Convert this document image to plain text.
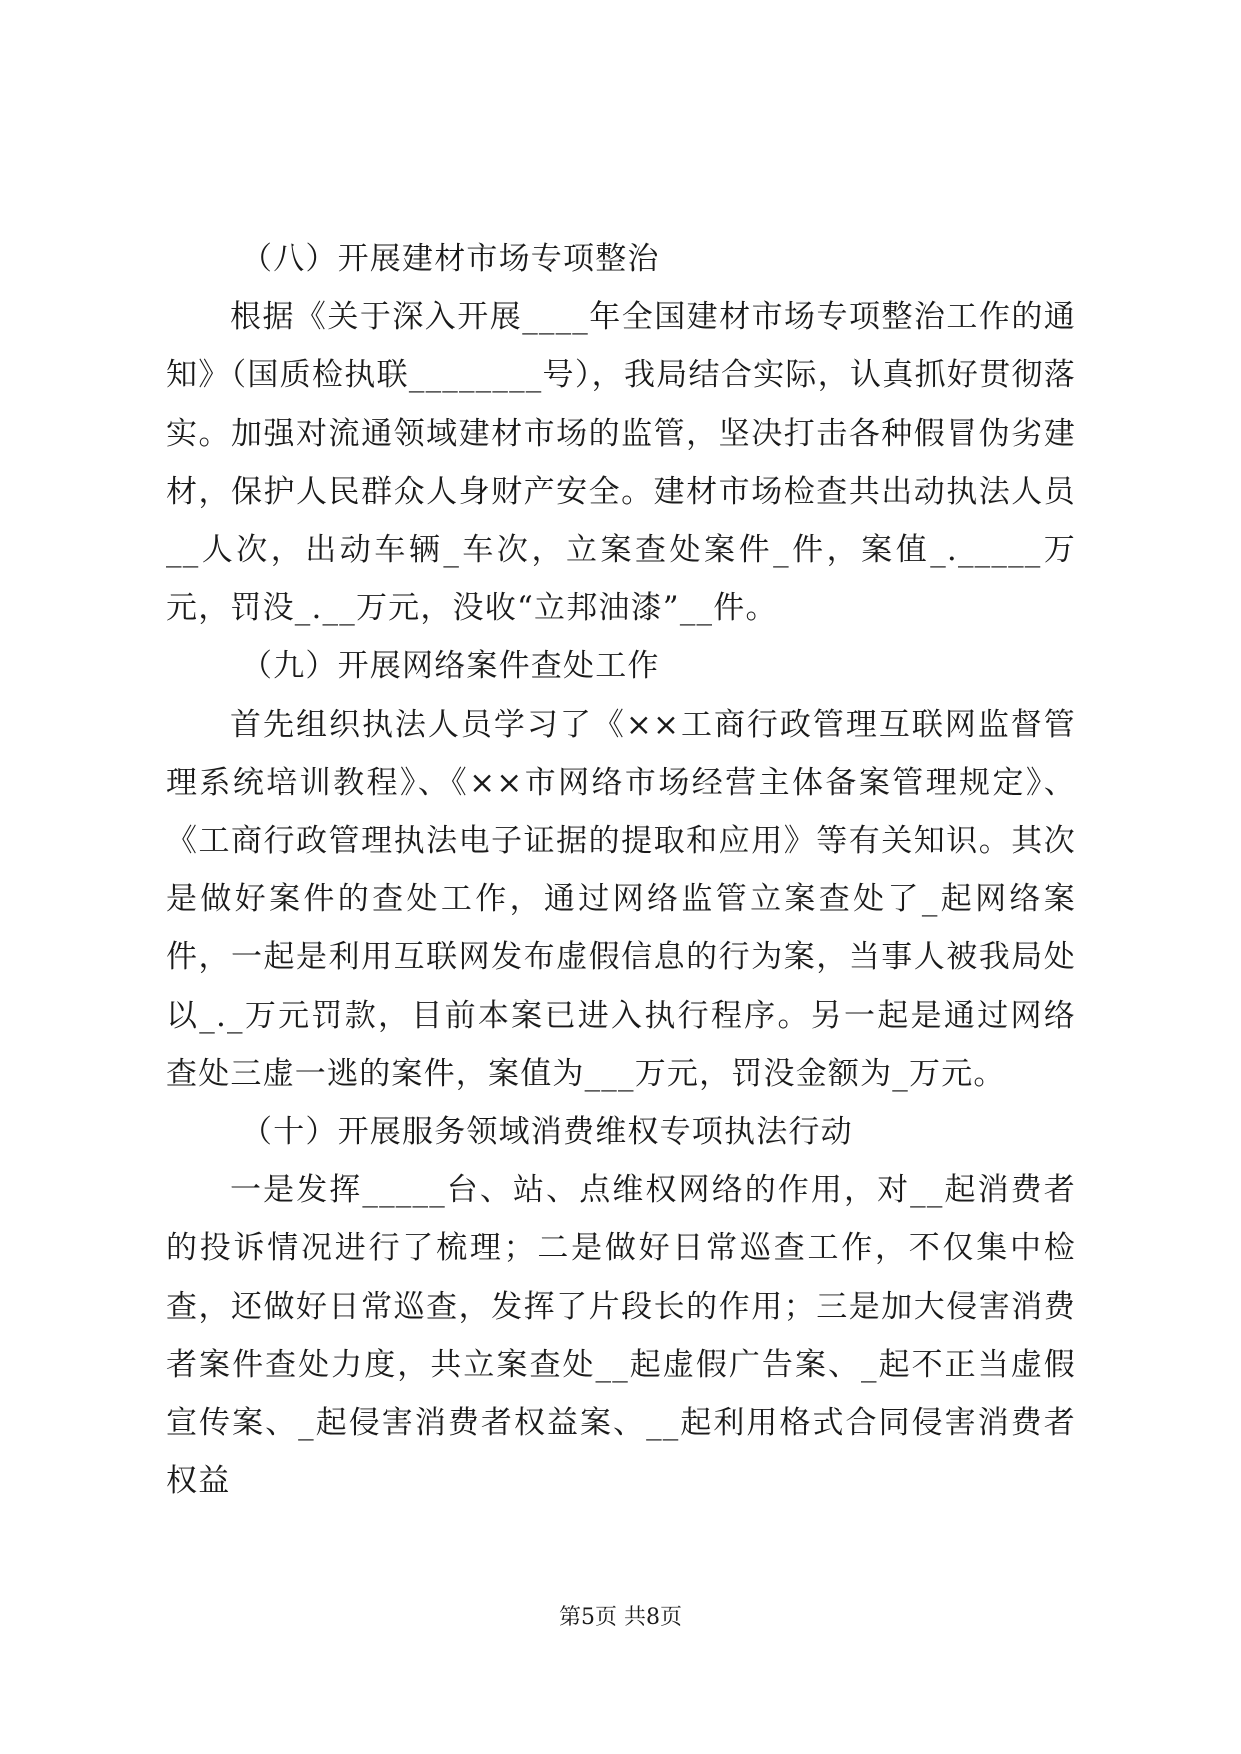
（八）开展建材市场专项整治

根据《关于深入开展____年全国建材市场专项整治工作的通知》（国质检执联________号），我局结合实际，认真抓好贯彻落实。加强对流通领域建材市场的监管，坚决打击各种假冒伪劣建材，保护人民群众人身财产安全。建材市场检查共出动执法人员__人次，出动车辆_车次，立案查处案件_件，案值_._____万元，罚没_.__万元，没收“立邦油漆”__件。

（九）开展网络案件查处工作

首先组织执法人员学习了《××工商行政管理互联网监督管理系统培训教程》、《××市网络市场经营主体备案管理规定》、《工商行政管理执法电子证据的提取和应用》等有关知识。其次是做好案件的查处工作，通过网络监管立案查处了_起网络案件，一起是利用互联网发布虚假信息的行为案，当事人被我局处以_._万元罚款，目前本案已进入执行程序。另一起是通过网络查处三虚一逃的案件，案值为___万元，罚没金额为_万元。

（十）开展服务领域消费维权专项执法行动

一是发挥_____台、站、点维权网络的作用，对__起消费者的投诉情况进行了梳理；二是做好日常巡查工作，不仅集中检查，还做好日常巡查，发挥了片段长的作用；三是加大侵害消费者案件查处力度，共立案查处__起虚假广告案、_起不正当虚假宣传案、_起侵害消费者权益案、__起利用格式合同侵害消费者权益

第5页 共8页
